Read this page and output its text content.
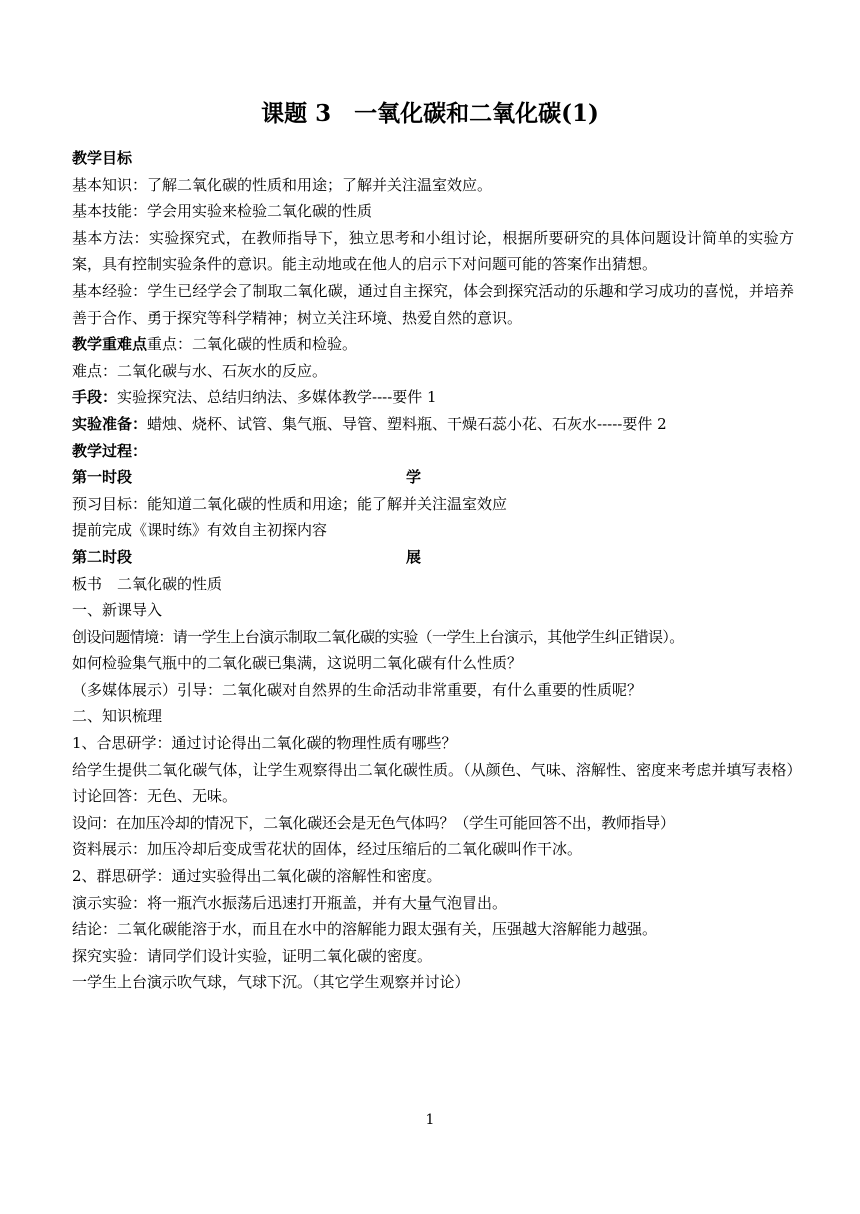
课题 3　一氧化碳和二氧化碳(1)
教学目标
基本知识：了解二氧化碳的性质和用途；了解并关注温室效应。
基本技能：学会用实验来检验二氧化碳的性质
基本方法：实验探究式，在教师指导下，独立思考和小组讨论，根据所要研究的具体问题设计简单的实验方案，具有控制实验条件的意识。能主动地或在他人的启示下对问题可能的答案作出猜想。
基本经验：学生已经学会了制取二氧化碳，通过自主探究，体会到探究活动的乐趣和学习成功的喜悦，并培养善于合作、勇于探究等科学精神；树立关注环境、热爱自然的意识。
教学重难点重点：二氧化碳的性质和检验。
难点：二氧化碳与水、石灰水的反应。
手段：实验探究法、总结归纳法、多媒体教学----要件 1
实验准备：蜡烛、烧杯、试管、集气瓶、导管、塑料瓶、干燥石蕊小花、石灰水-----要件 2
教学过程：
第一时段	学
预习目标：能知道二氧化碳的性质和用途；能了解并关注温室效应
提前完成《课时练》有效自主初探内容
第二时段	展
板书　二氧化碳的性质
一、新课导入
创设问题情境：请一学生上台演示制取二氧化碳的实验（一学生上台演示，其他学生纠正错误）。
如何检验集气瓶中的二氧化碳已集满，这说明二氧化碳有什么性质？
（多媒体展示）引导：二氧化碳对自然界的生命活动非常重要，有什么重要的性质呢？
二、知识梳理
1、合思研学：通过讨论得出二氧化碳的物理性质有哪些？
给学生提供二氧化碳气体，让学生观察得出二氧化碳性质。（从颜色、气味、溶解性、密度来考虑并填写表格）讨论回答：无色、无味。
设问：在加压冷却的情况下，二氧化碳还会是无色气体吗？（学生可能回答不出，教师指导）
资料展示：加压冷却后变成雪花状的固体，经过压缩后的二氧化碳叫作干冰。
2、群思研学：通过实验得出二氧化碳的溶解性和密度。
演示实验：将一瓶汽水振荡后迅速打开瓶盖，并有大量气泡冒出。
结论：二氧化碳能溶于水，而且在水中的溶解能力跟太强有关，压强越大溶解能力越强。
探究实验：请同学们设计实验，证明二氧化碳的密度。
一学生上台演示吹气球，气球下沉。（其它学生观察并讨论）
1
